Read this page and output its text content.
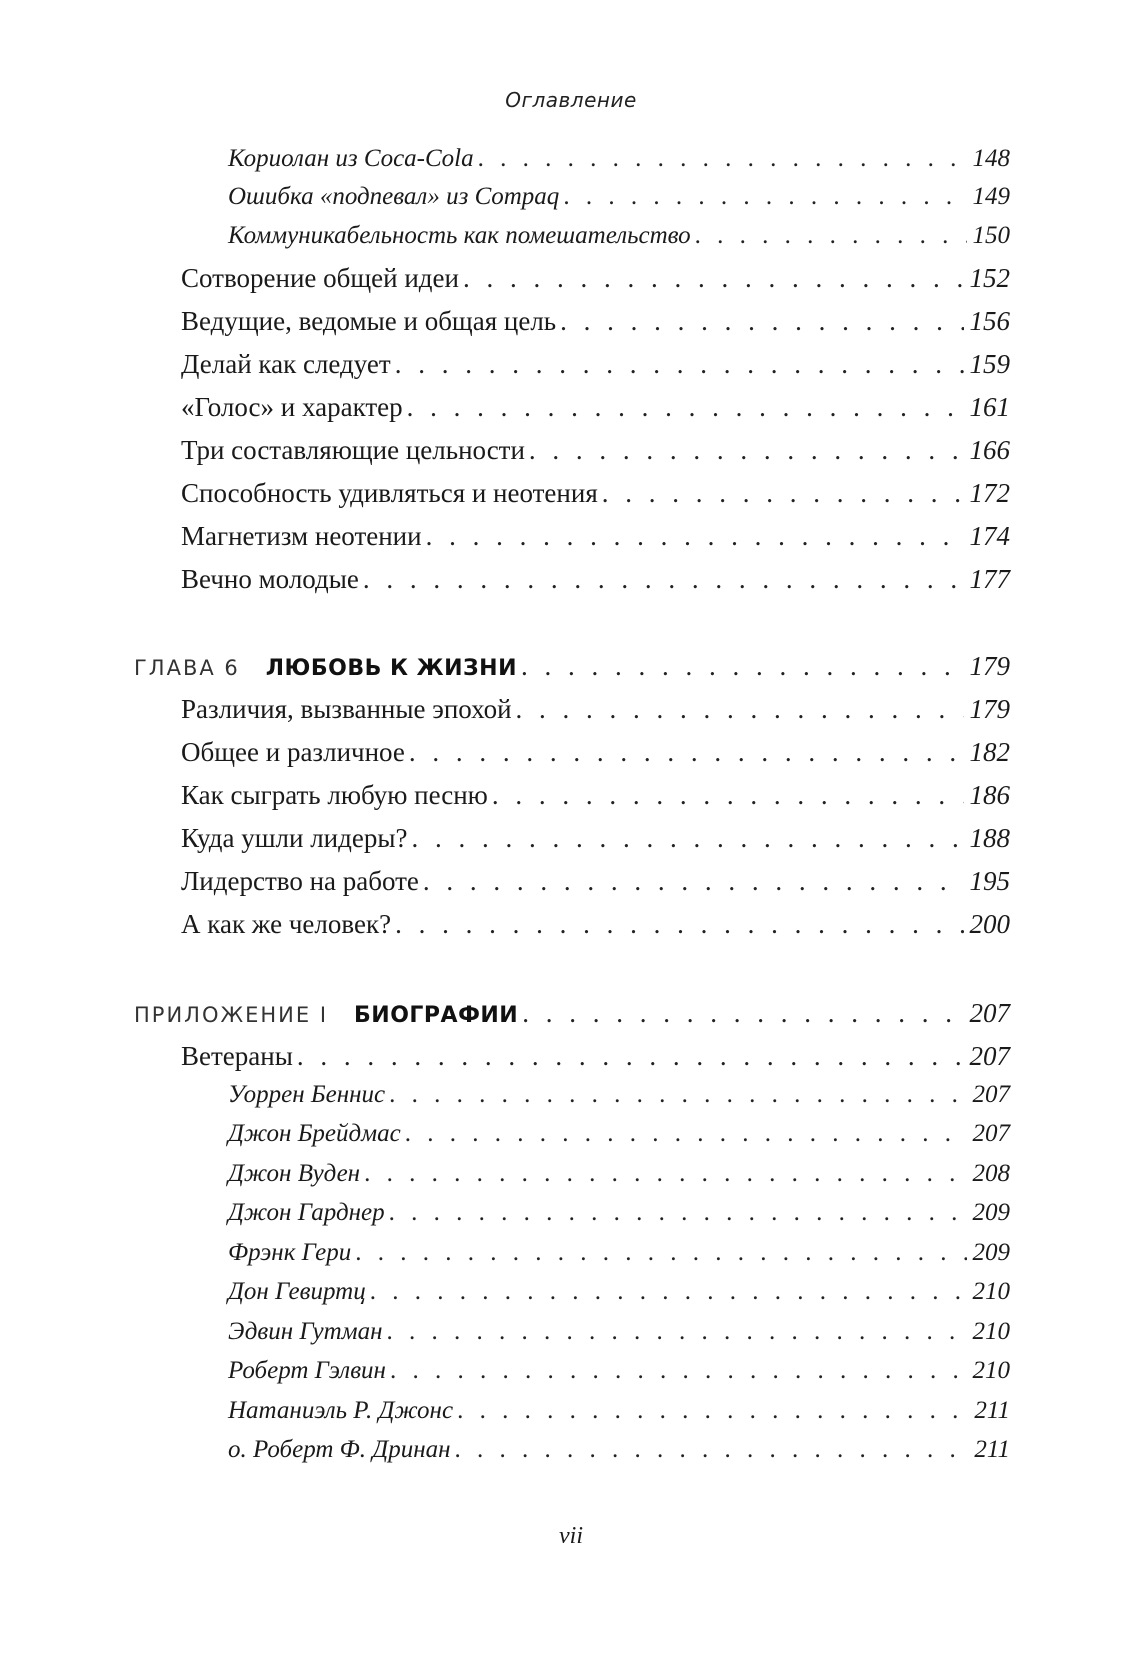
Оглавление
Кориолан из Coca-Cola . . .	148
Ошибка «подпевал» из Compaq . . .	149
Коммуникабельность как помешательство . . .	150
Сотворение общей идеи . . .	152
Ведущие, ведомые и общая цель . . .	156
Делай как следует . . .	159
«Голос» и характер . . .	161
Три составляющие цельности . . .	166
Способность удивляться и неотения . . .	172
Магнетизм неотении . . .	174
Вечно молодые . . .	177
ГЛАВА 6 ЛЮБОВЬ К ЖИЗНИ . . .	179
Различия, вызванные эпохой . . .	179
Общее и различное . . .	182
Как сыграть любую песню . . .	186
Куда ушли лидеры? . . .	188
Лидерство на работе . . .	195
А как же человек? . . .	200
ПРИЛОЖЕНИЕ I БИОГРАФИИ . . .	207
Ветераны . . .	207
Уоррен Беннис . . .	207
Джон Брейдмас . . .	207
Джон Вуден . . .	208
Джон Гарднер . . .	209
Фрэнк Гери . . .	209
Дон Гевиртц . . .	210
Эдвин Гутман . . .	210
Роберт Гэлвин . . .	210
Натаниэль Р. Джонс . . .	211
о. Роберт Ф. Дринан . . .	211
vii
